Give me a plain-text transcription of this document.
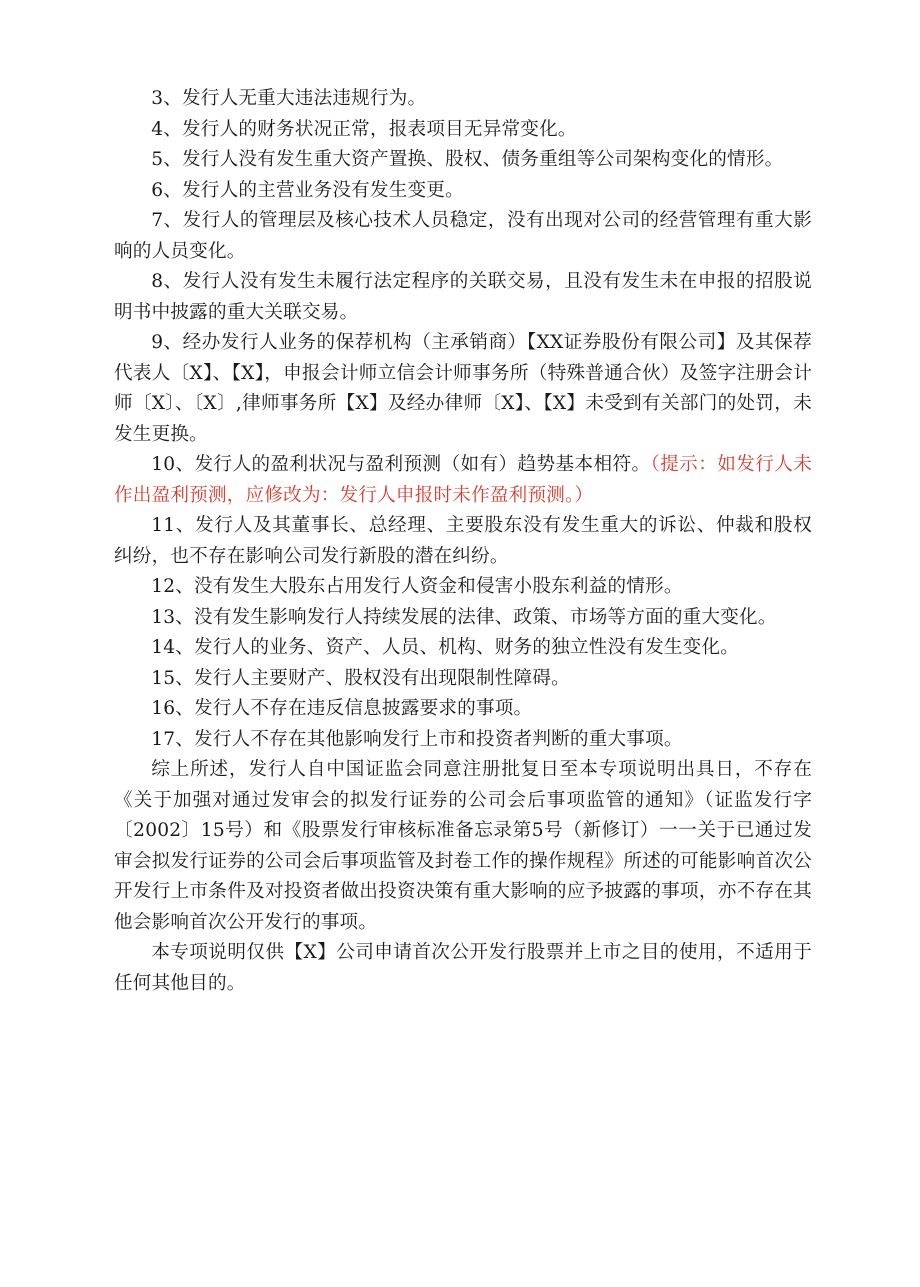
3、发行人无重大违法违规行为。

4、发行人的财务状况正常，报表项目无异常变化。

5、发行人没有发生重大资产置换、股权、债务重组等公司架构变化的情形。

6、发行人的主营业务没有发生变更。

7、发行人的管理层及核心技术人员稳定，没有出现对公司的经营管理有重大影响的人员变化。

8、发行人没有发生未履行法定程序的关联交易，且没有发生未在申报的招股说明书中披露的重大关联交易。

9、经办发行人业务的保荐机构（主承销商）【XX证券股份有限公司】及其保荐代表人〔X】、【X】，申报会计师立信会计师事务所（特殊普通合伙）及签字注册会计师〔X〕、〔X〕,律师事务所【X】及经办律师〔X】、【X】未受到有关部门的处罚，未发生更换。

10、发行人的盈利状况与盈利预测（如有）趋势基本相符。（提示：如发行人未作出盈利预测，应修改为：发行人申报时未作盈利预测。）

11、发行人及其董事长、总经理、主要股东没有发生重大的诉讼、仲裁和股权纠纷，也不存在影响公司发行新股的潜在纠纷。

12、没有发生大股东占用发行人资金和侵害小股东利益的情形。

13、没有发生影响发行人持续发展的法律、政策、市场等方面的重大变化。

14、发行人的业务、资产、人员、机构、财务的独立性没有发生变化。

15、发行人主要财产、股权没有出现限制性障碍。

16、发行人不存在违反信息披露要求的事项。

17、发行人不存在其他影响发行上市和投资者判断的重大事项。

综上所述，发行人自中国证监会同意注册批复日至本专项说明出具日，不存在《关于加强对通过发审会的拟发行证券的公司会后事项监管的通知》（证监发行字〔2002〕15号）和《股票发行审核标准备忘录第5号（新修订）一一关于已通过发审会拟发行证券的公司会后事项监管及封卷工作的操作规程》所述的可能影响首次公开发行上市条件及对投资者做出投资决策有重大影响的应予披露的事项，亦不存在其他会影响首次公开发行的事项。

本专项说明仅供【X】公司申请首次公开发行股票并上市之目的使用，不适用于任何其他目的。
